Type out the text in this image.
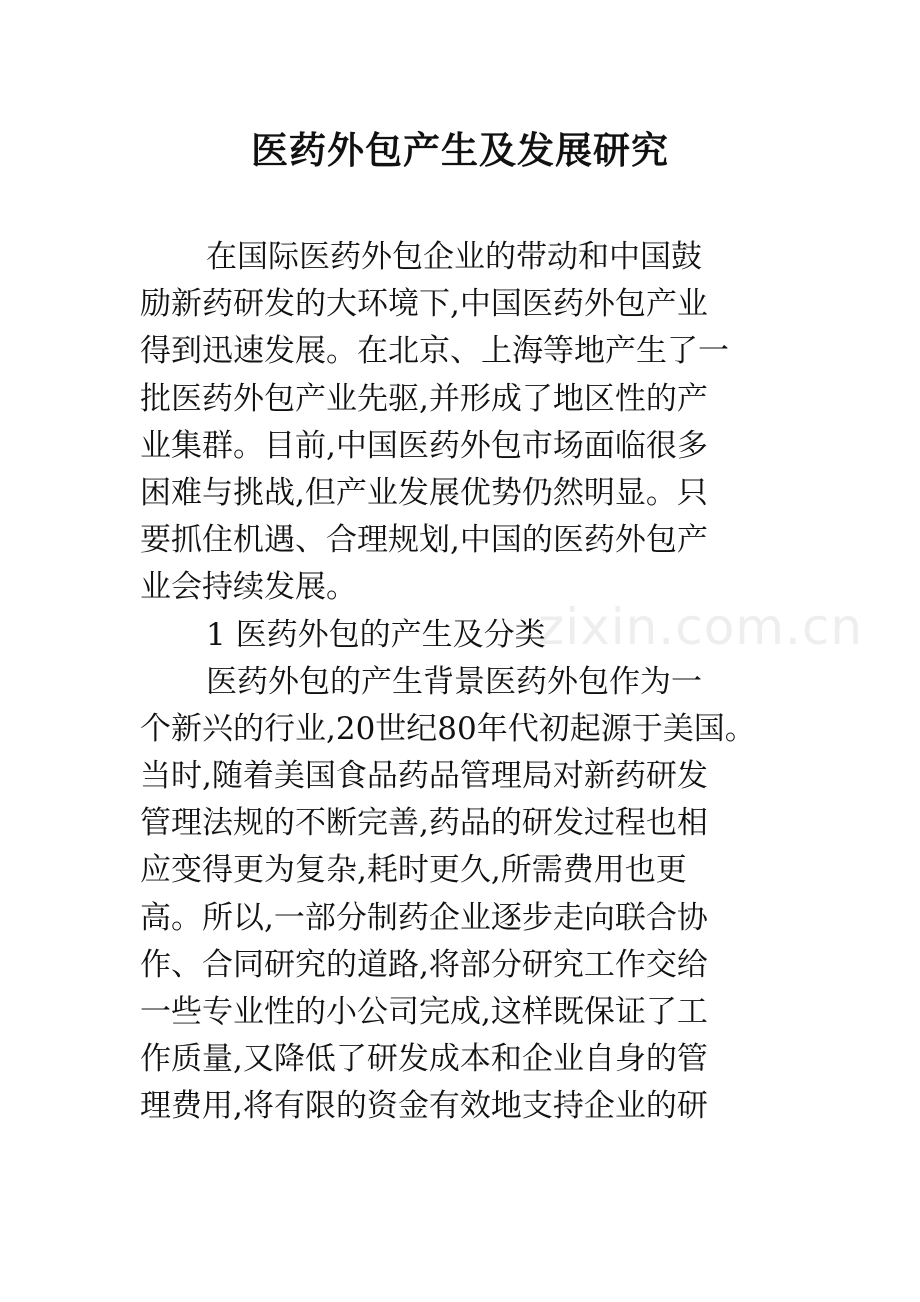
医药外包产生及发展研究
zixin.com.cn
在国际医药外包企业的带动和中国鼓
励新药研发的大环境下,中国医药外包产业
得到迅速发展。在北京、上海等地产生了一
批医药外包产业先驱,并形成了地区性的产
业集群。目前,中国医药外包市场面临很多
困难与挑战,但产业发展优势仍然明显。只
要抓住机遇、合理规划,中国的医药外包产
业会持续发展。
1 医药外包的产生及分类
医药外包的产生背景医药外包作为一
个新兴的行业,20世纪80年代初起源于美国。
当时,随着美国食品药品管理局对新药研发
管理法规的不断完善,药品的研发过程也相
应变得更为复杂,耗时更久,所需费用也更
高。所以,一部分制药企业逐步走向联合协
作、合同研究的道路,将部分研究工作交给
一些专业性的小公司完成,这样既保证了工
作质量,又降低了研发成本和企业自身的管
理费用,将有限的资金有效地支持企业的研
